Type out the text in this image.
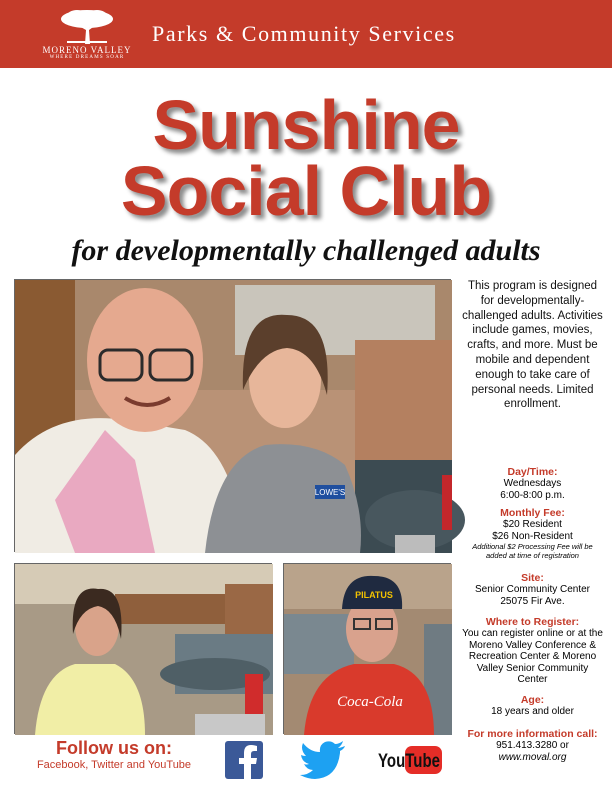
MORENO VALLEY
WHERE DREAMS SOAR
Parks & Community Services
Sunshine
Social Club
for developmentally challenged adults
LOWE'S
Coca-Cola
PILATUS
This program is designed for developmentally-challenged adults. Activities include games, movies, crafts, and more. Must be mobile and dependent enough to take care of personal needs. Limited enrollment.
Day/Time:
Wednesdays
6:00-8:00 p.m.
Monthly Fee:
$20 Resident
$26 Non-Resident
Additional $2 Processing Fee will be added at time of registration
Site:
Senior Community Center
25075 Fir Ave.
Where to Register:
You can register online or at the Moreno Valley Conference & Recreation Center & Moreno Valley Senior Community Center
Age:
18 years and older
For more information call:
951.413.3280 or
www.moval.org
Follow us on:
Facebook, Twitter and YouTube	YouTube
